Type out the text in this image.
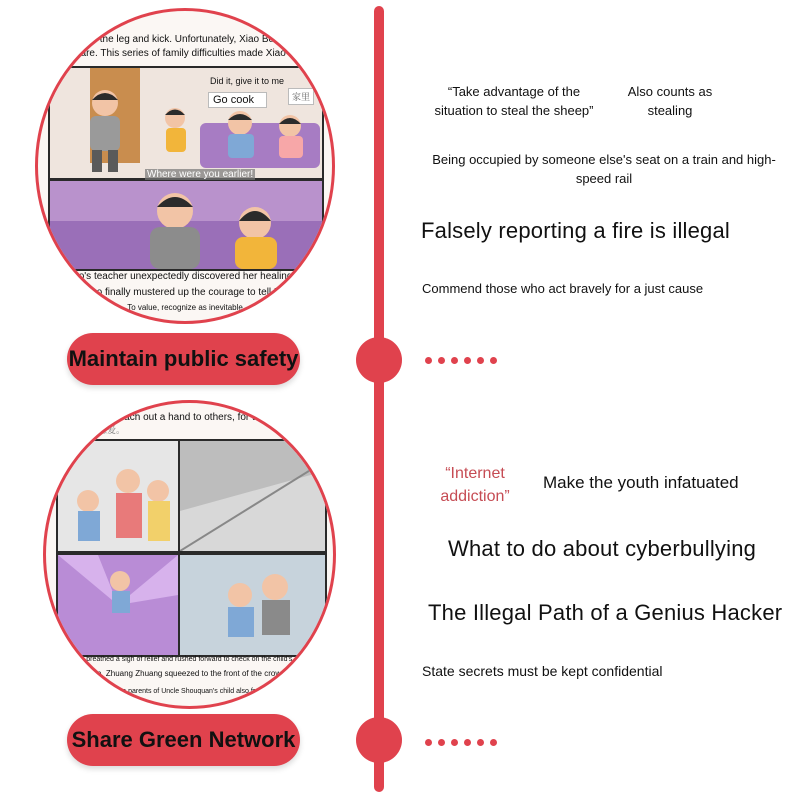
Kick the leg and kick. Unfortunately, Xiao Ben Ri
Don't care. This series of family difficulties made Xiao Qiao di
Did it, give it to me
Go cook	家里
Where were you earlier!
Xiao Qiao's teacher unexpectedly discovered her healing injuries.
Qiao finally mustered up the courage to tell Hui
To value, recognize as inevitable
Maintain public safety
“Take advantage of the situation to steal the sheep”
Also counts as stealing
Being occupied by someone else's seat on a train and high-speed rail
Falsely reporting a fire is illegal
Commend those who act bravely for a just cause
Reach out a hand to others, for this
感爱。
Everyone breathed a sigh of relief and rushed forward to check on the child's condition.
With applause, Zhuang Zhuang squeezed to the front of the crowd, little hands
The parents of Uncle Shouquan's child also from
Share Green Network
“Internet addiction”
Make the youth infatuated
What to do about cyberbullying
The Illegal Path of a Genius Hacker
State secrets must be kept confidential
